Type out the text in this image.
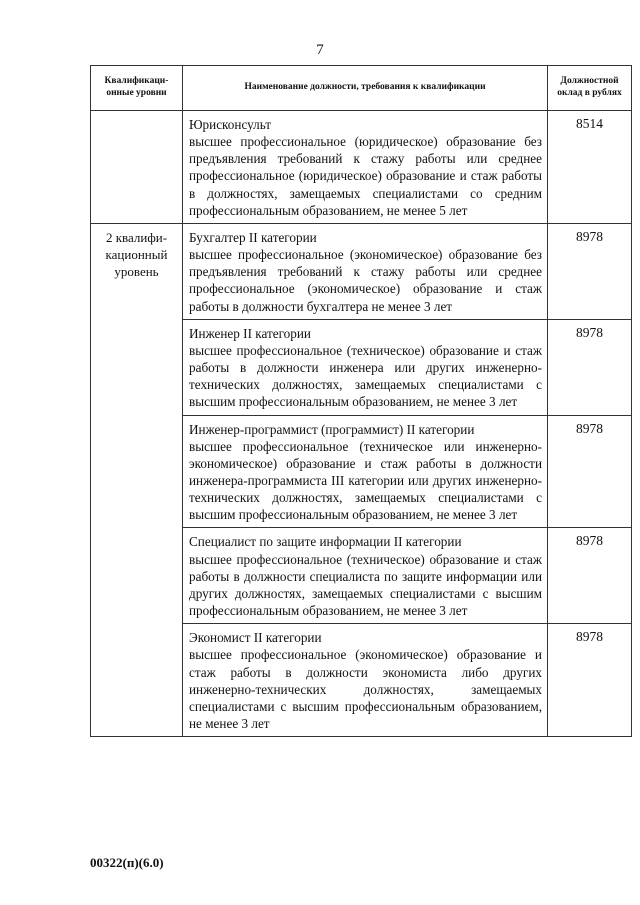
7
Квалификаци-онные уровни	Наименование должности, требования к квалификации	Должностной оклад в рублях

	Юрисконсульт
высшее профессиональное (юридическое) образование без предъявления требований к стажу работы или среднее профессиональное (юридическое) образование и стаж работы в должностях, замещаемых специалистами со средним профессиональным образованием, не менее 5 лет	8514
2 квалифи-кационный уровень	Бухгалтер II категории
высшее профессиональное (экономическое) образование без предъявления требований к стажу работы или среднее профессиональное (экономическое) образование и стаж работы в должности бухгалтера не менее 3 лет	8978

	Инженер II категории
высшее профессиональное (техническое) образование и стаж работы в должности инженера или других инженерно-технических должностях, замещаемых специалистами с высшим профессиональным образованием, не менее 3 лет	8978

	Инженер-программист (программист) II категории
высшее профессиональное (техническое или инженерно-экономическое) образование и стаж работы в должности инженера-программиста III категории или других инженерно-технических должностях, замещаемых специалистами с высшим профессиональным образованием, не менее 3 лет	8978

	Специалист по защите информации II категории
высшее профессиональное (техническое) образование и стаж работы в должности специалиста по защите информации или других должностях, замещаемых специалистами с высшим профессиональным образованием, не менее 3 лет	8978

	Экономист II категории
высшее профессиональное (экономическое) образование и стаж работы в должности экономиста либо других инженерно-технических должностях, замещаемых специалистами с высшим профессиональным образованием, не менее 3 лет	8978
00322(п)(6.0)
